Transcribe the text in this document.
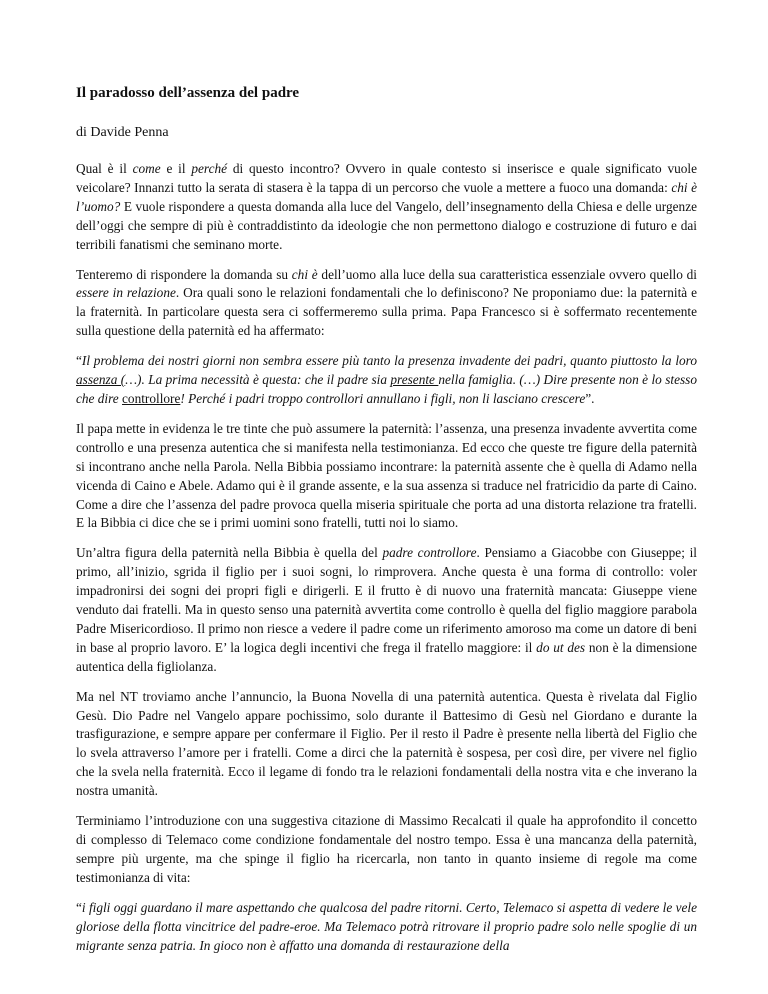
Il paradosso dell’assenza del padre
di Davide Penna

Qual è il come e il perché di questo incontro? Ovvero in quale contesto si inserisce e quale significato vuole veicolare? Innanzi tutto la serata di stasera è la tappa di un percorso che vuole a mettere a fuoco una domanda: chi è l’uomo? E vuole rispondere a questa domanda alla luce del Vangelo, dell’insegnamento della Chiesa e delle urgenze dell’oggi che sempre di più è contraddistinto da ideologie che non permettono dialogo e costruzione di futuro e dai terribili fanatismi che seminano morte.

Tenteremo di rispondere la domanda su chi è dell’uomo alla luce della sua caratteristica essenziale ovvero quello di essere in relazione. Ora quali sono le relazioni fondamentali che lo definiscono? Ne proponiamo due: la paternità e la fraternità. In particolare questa sera ci soffermeremo sulla prima. Papa Francesco si è soffermato recentemente sulla questione della paternità ed ha affermato:

“Il problema dei nostri giorni non sembra essere più tanto la presenza invadente dei padri, quanto piuttosto la loro assenza (…). La prima necessità è questa: che il padre sia presente nella famiglia. (…) Dire presente non è lo stesso che dire controllore! Perché i padri troppo controllori annullano i figli, non li lasciano crescere”.

Il papa mette in evidenza le tre tinte che può assumere la paternità: l’assenza, una presenza invadente avvertita come controllo e una presenza autentica che si manifesta nella testimonianza. Ed ecco che queste tre figure della paternità si incontrano anche nella Parola. Nella Bibbia possiamo incontrare: la paternità assente che è quella di Adamo nella vicenda di Caino e Abele. Adamo qui è il grande assente, e la sua assenza si traduce nel fratricidio da parte di Caino. Come a dire che l’assenza del padre provoca quella miseria spirituale che porta ad una distorta relazione tra fratelli. E la Bibbia ci dice che se i primi uomini sono fratelli, tutti noi lo siamo.

Un’altra figura della paternità nella Bibbia è quella del padre controllore. Pensiamo a Giacobbe con Giuseppe; il primo, all’inizio, sgrida il figlio per i suoi sogni, lo rimprovera. Anche questa è una forma di controllo: voler impadronirsi dei sogni dei propri figli e dirigerli. E il frutto è di nuovo una fraternità mancata: Giuseppe viene venduto dai fratelli. Ma in questo senso una paternità avvertita come controllo è quella del figlio maggiore parabola Padre Misericordioso. Il primo non riesce a vedere il padre come un riferimento amoroso ma come un datore di beni in base al proprio lavoro. E’ la logica degli incentivi che frega il fratello maggiore: il do ut des non è la dimensione autentica della figliolanza.

Ma nel NT troviamo anche l’annuncio, la Buona Novella di una paternità autentica. Questa è rivelata dal Figlio Gesù. Dio Padre nel Vangelo appare pochissimo, solo durante il Battesimo di Gesù nel Giordano e durante la trasfigurazione, e sempre appare per confermare il Figlio. Per il resto il Padre è presente nella libertà del Figlio che lo svela attraverso l’amore per i fratelli. Come a dirci che la paternità è sospesa, per così dire, per vivere nel figlio che la svela nella fraternità. Ecco il legame di fondo tra le relazioni fondamentali della nostra vita e che inverano la nostra umanità.

Terminiamo l’introduzione con una suggestiva citazione di Massimo Recalcati il quale ha approfondito il concetto di complesso di Telemaco come condizione fondamentale del nostro tempo. Essa è una mancanza della paternità, sempre più urgente, ma che spinge il figlio ha ricercarla, non tanto in quanto insieme di regole ma come testimonianza di vita:

“i figli oggi guardano il mare aspettando che qualcosa del padre ritorni. Certo, Telemaco si aspetta di vedere le vele gloriose della flotta vincitrice del padre-eroe. Ma Telemaco potrà ritrovare il proprio padre solo nelle spoglie di un migrante senza patria. In gioco non è affatto una domanda di restaurazione della
